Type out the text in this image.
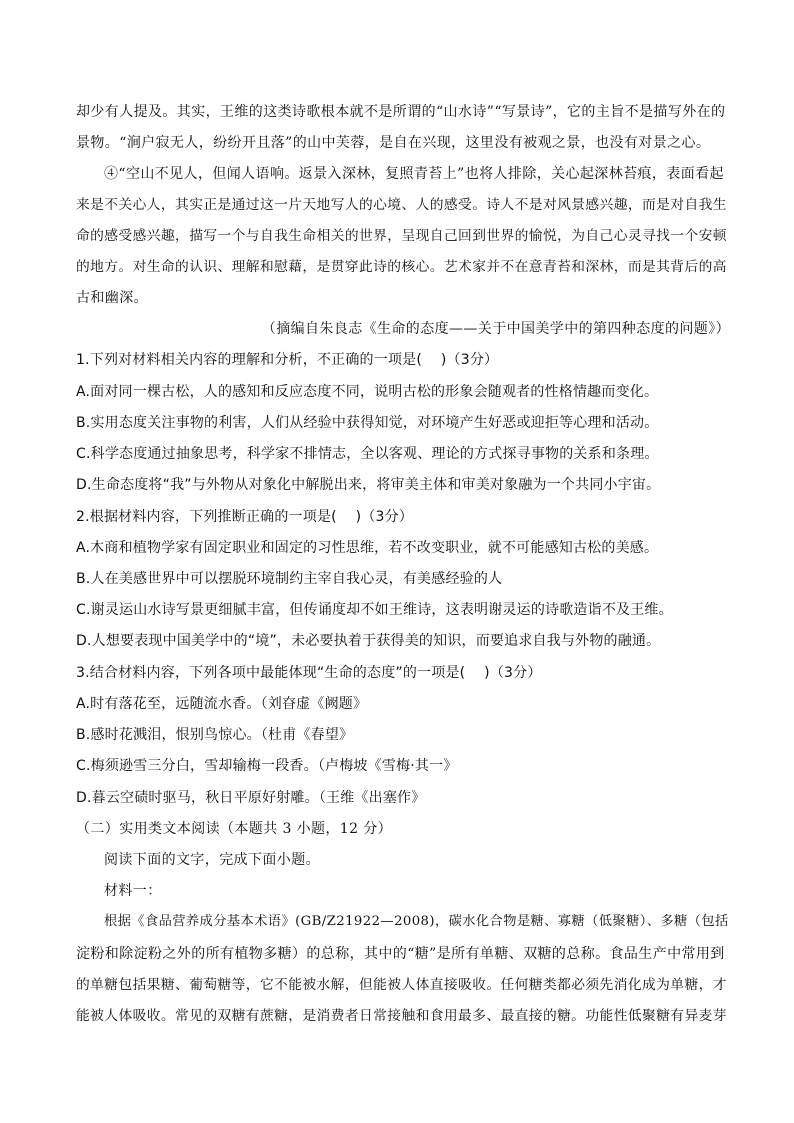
却少有人提及。其实，王维的这类诗歌根本就不是所谓的“山水诗”“写景诗”，它的主旨不是描写外在的
景物。“涧户寂无人，纷纷开且落”的山中芙蓉，是自在兴现，这里没有被观之景，也没有对景之心。
④“空山不见人，但闻人语响。返景入深林，复照青苔上”也将人排除，关心起深林苔痕，表面看起
来是不关心人，其实正是通过这一片天地写人的心境、人的感受。诗人不是对风景感兴趣，而是对自我生
命的感受感兴趣，描写一个与自我生命相关的世界，呈现自己回到世界的愉悦，为自己心灵寻找一个安顿
的地方。对生命的认识、理解和慰藉，是贯穿此诗的核心。艺术家并不在意青苔和深林，而是其背后的高
古和幽深。
（摘编自朱良志《生命的态度——关于中国美学中的第四种态度的问题》）
1.下列对材料相关内容的理解和分析，不正确的一项是(　 )（3分）
A.面对同一棵古松，人的感知和反应态度不同，说明古松的形象会随观者的性格情趣而变化。
B.实用态度关注事物的利害，人们从经验中获得知觉，对环境产生好恶或迎拒等心理和活动。
C.科学态度通过抽象思考，科学家不排情志，全以客观、理论的方式探寻事物的关系和条理。
D.生命态度将“我”与外物从对象化中解脱出来，将审美主体和审美对象融为一个共同小宇宙。
2.根据材料内容，下列推断正确的一项是(　 )（3分）
A.木商和植物学家有固定职业和固定的习性思维，若不改变职业，就不可能感知古松的美感。
B.人在美感世界中可以摆脱环境制约主宰自我心灵，有美感经验的人
C.谢灵运山水诗写景更细腻丰富，但传诵度却不如王维诗，这表明谢灵运的诗歌造诣不及王维。
D.人想要表现中国美学中的“境”，未必要执着于获得美的知识，而要追求自我与外物的融通。
3.结合材料内容，下列各项中最能体现“生命的态度”的一项是(　 )（3分）
A.时有落花至，远随流水香。（刘昚虚《阙题》
B.感时花溅泪，恨别鸟惊心。（杜甫《春望》
C.梅须逊雪三分白，雪却输梅一段香。（卢梅坡《雪梅·其一》
D.暮云空碛时驱马，秋日平原好射雕。（王维《出塞作》
（二）实用类文本阅读（本题共 3 小题，12 分）
阅读下面的文字，完成下面小题。
材料一：
根据《食品营养成分基本术语》(GB/Z21922—2008)，碳水化合物是糖、寡糖（低聚糖）、多糖（包括
淀粉和除淀粉之外的所有植物多糖）的总称，其中的“糖”是所有单糖、双糖的总称。食品生产中常用到
的单糖包括果糖、葡萄糖等，它不能被水解，但能被人体直接吸收。任何糖类都必须先消化成为单糖，才
能被人体吸收。常见的双糖有蔗糖，是消费者日常接触和食用最多、最直接的糖。功能性低聚糖有异麦芽
